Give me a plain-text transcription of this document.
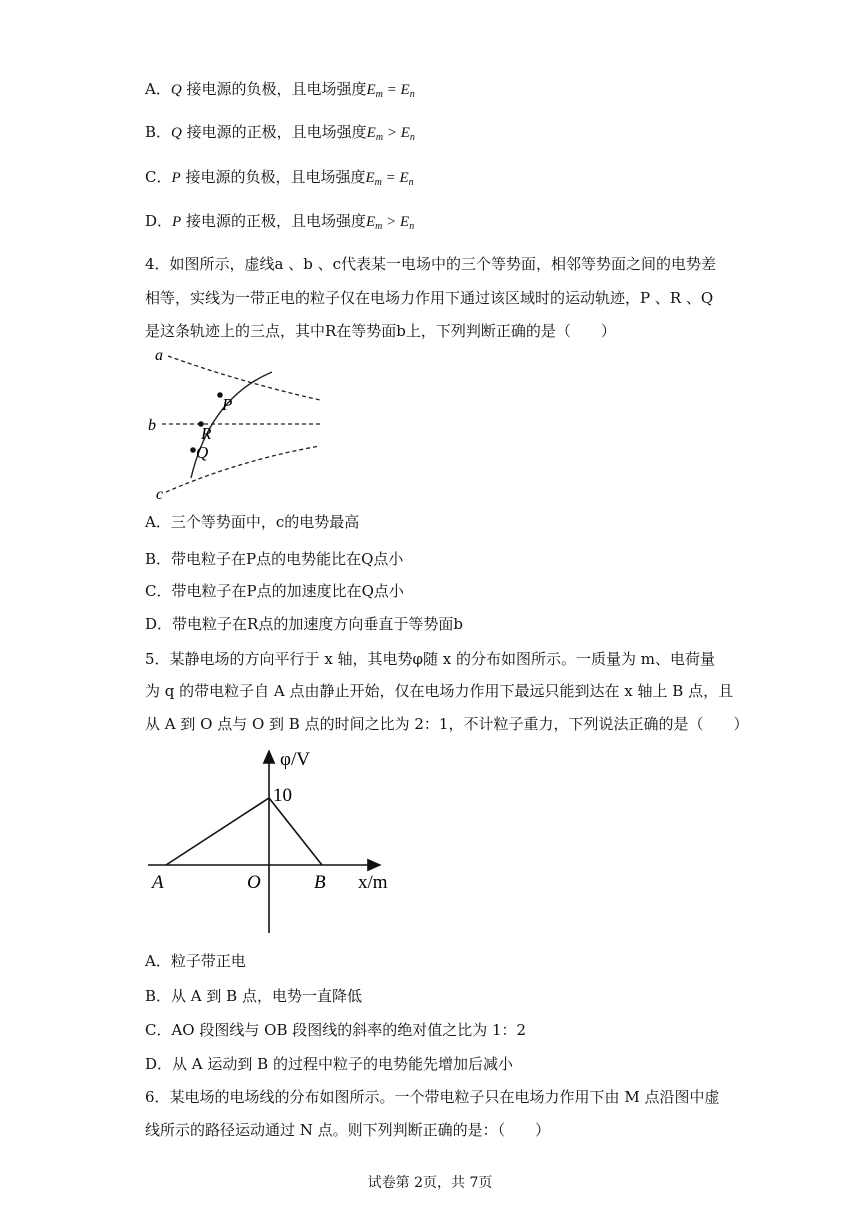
A．Q 接电源的负极，且电场强度$E_m = E_n$
B．Q 接电源的正极，且电场强度$E_m > E_n$
C．P 接电源的负极，且电场强度$E_m = E_n$
D．P 接电源的正极，且电场强度$E_m > E_n$
4．如图所示，虚线a 、b 、c代表某一电场中的三个等势面，相邻等势面之间的电势差
相等，实线为一带正电的粒子仅在电场力作用下通过该区域时的运动轨迹，P 、R 、Q
是这条轨迹上的三点，其中R在等势面b上，下列判断正确的是（　　）
a
b
c
P
R
Q
A．三个等势面中，c的电势最高
B．带电粒子在P点的电势能比在Q点小
C．带电粒子在P点的加速度比在Q点小
D．带电粒子在R点的加速度方向垂直于等势面b
5．某静电场的方向平行于 x 轴，其电势φ随 x 的分布如图所示。一质量为 m、电荷量
为 q 的带电粒子自 A 点由静止开始，仅在电场力作用下最远只能到达在 x 轴上 B 点，且
从 A 到 O 点与 O 到 B 点的时间之比为 2：1，不计粒子重力，下列说法正确的是（　　）
φ/V
10
A	O	B x/m
A．粒子带正电
B．从 A 到 B 点，电势一直降低
C．AO 段图线与 OB 段图线的斜率的绝对值之比为 1：2
D．从 A 运动到 B 的过程中粒子的电势能先增加后减小
6．某电场的电场线的分布如图所示。一个带电粒子只在电场力作用下由 M 点沿图中虚
线所示的路径运动通过 N 点。则下列判断正确的是：（　　）
试卷第 2页，共 7页
